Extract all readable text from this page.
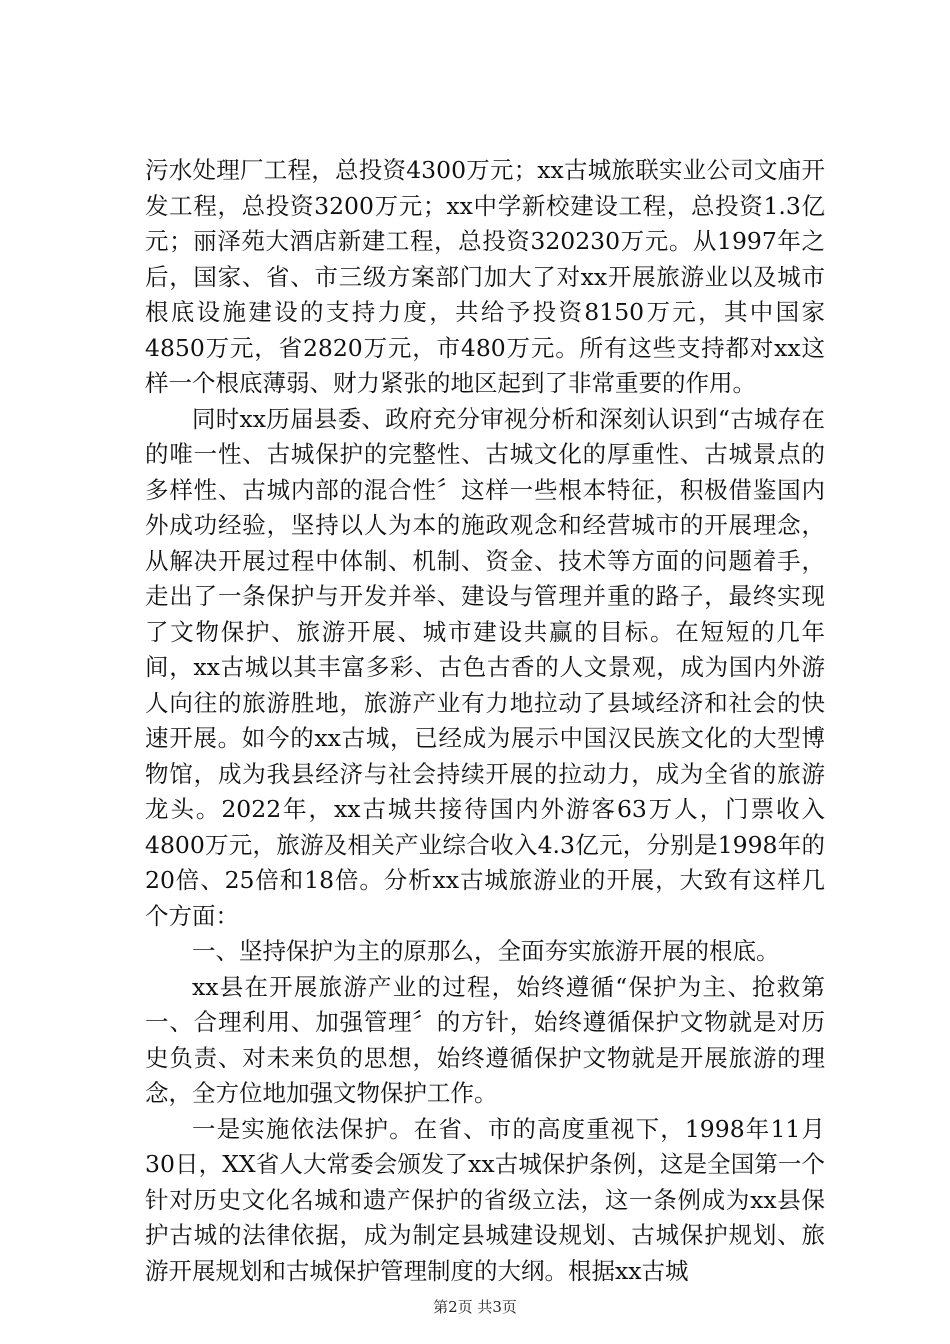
污水处理厂工程，总投资4300万元；xx古城旅联实业公司文庙开发工程，总投资3200万元；xx中学新校建设工程，总投资1.3亿元；丽泽苑大酒店新建工程，总投资320230万元。从1997年之后，国家、省、市三级方案部门加大了对xx开展旅游业以及城市根底设施建设的支持力度，共给予投资8150万元，其中国家4850万元，省2820万元，市480万元。所有这些支持都对xx这样一个根底薄弱、财力紧张的地区起到了非常重要的作用。

同时xx历届县委、政府充分审视分析和深刻认识到“古城存在的唯一性、古城保护的完整性、古城文化的厚重性、古城景点的多样性、古城内部的混合性〞这样一些根本特征，积极借鉴国内外成功经验，坚持以人为本的施政观念和经营城市的开展理念，从解决开展过程中体制、机制、资金、技术等方面的问题着手，走出了一条保护与开发并举、建设与管理并重的路子，最终实现了文物保护、旅游开展、城市建设共赢的目标。在短短的几年间，xx古城以其丰富多彩、古色古香的人文景观，成为国内外游人向往的旅游胜地，旅游产业有力地拉动了县域经济和社会的快速开展。如今的xx古城，已经成为展示中国汉民族文化的大型博物馆，成为我县经济与社会持续开展的拉动力，成为全省的旅游龙头。2022年，xx古城共接待国内外游客63万人，门票收入4800万元，旅游及相关产业综合收入4.3亿元，分别是1998年的20倍、25倍和18倍。分析xx古城旅游业的开展，大致有这样几个方面：

一、坚持保护为主的原那么，全面夯实旅游开展的根底。

xx县在开展旅游产业的过程，始终遵循“保护为主、抢救第一、合理利用、加强管理〞的方针，始终遵循保护文物就是对历史负责、对未来负的思想，始终遵循保护文物就是开展旅游的理念，全方位地加强文物保护工作。

一是实施依法保护。在省、市的高度重视下，1998年11月30日，XX省人大常委会颁发了xx古城保护条例，这是全国第一个针对历史文化名城和遗产保护的省级立法，这一条例成为xx县保护古城的法律依据，成为制定县城建设规划、古城保护规划、旅游开展规划和古城保护管理制度的大纲。根据xx古城

第2页 共3页
